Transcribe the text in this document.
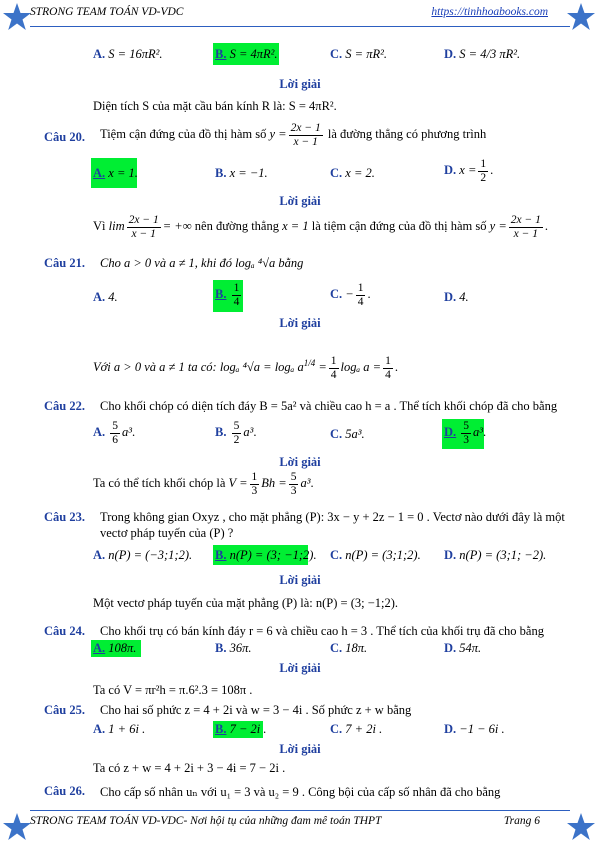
STRONG TEAM TOÁN VD-VDC	https://tinhhoabooks.com
A. S = 16πR².	B. S = 4πR².	C. S = πR².	D. S = 4/3 πR².
Lời giải
Diện tích S của mặt cầu bán kính R là: S = 4πR².
Câu 20. Tiệm cận đứng của đồ thị hàm số $y = \frac{2x - 1}{x - 1}$ là đường thẳng có phương trình
A. x = 1.	B. x = −1.	C. x = 2.	D. $x = \frac{1}{2}$ .
Lời giải
Vì $\lim \frac{2x - 1}{x - 1}$ = +∞ nên đường thẳng x = 1 là tiệm cận đứng của đồ thị hàm số $y = \frac{2x - 1}{x - 1}$ .
Câu 21. Cho a > 0 và a ≠ 1, khi đó logₐ ⁴√a bằng
A. 4.	B. $\frac{1}{4}$	C. − $\frac{1}{4}$ .	D. 4.
Lời giải
Với a > 0 và a ≠ 1 ta có: logₐ ⁴√a = logₐ $a^{1/4} = \frac{1}{4}$ logₐ $a = \frac{1}{4}$ .
Câu 22. Cho khối chóp có diện tích đáy B = 5a² và chiều cao h = a . Thể tích khối chóp đã cho bằng
A. $\frac{5}{6} a^3$.	B. $\frac{5}{2} a^3$.	C. 5a³.	D. $\frac{5}{3} a^3$.
Lời giải
Ta có thể tích khối chóp là $V = \frac{1}{3}$ $Bh = \frac{5}{3} a^3$.
Câu 23. Trong không gian Oxyz , cho mặt phẳng (P): 3x − y + 2z − 1 = 0 . Vectơ nào dưới đây là một
vectơ pháp tuyến của (P) ?
A. n(P) = (−3;1;2). B. n(P) = (3; −1;2). C. n(P) = (3;1;2). D. n(P) = (3;1; −2).
Lời giải
Một vectơ pháp tuyến của mặt phẳng (P) là: n(P) = (3; −1;2).
Câu 24. Cho khối trụ có bán kính đáy r = 6 và chiều cao h = 3 . Thể tích của khối trụ đã cho bằng
A. 108π.	B. 36π.	C. 18π.	D. 54π.
Lời giải
Ta có V = πr²h = π.6².3 = 108π .
Câu 25. Cho hai số phức z = 4 + 2i và w = 3 − 4i . Số phức z + w bằng
A. 1 + 6i .	B. 7 − 2i .	C. 7 + 2i .	D. −1 − 6i .
Lời giải
Ta có z + w = 4 + 2i + 3 − 4i = 7 − 2i .
Câu 26. Cho cấp số nhân uₙ với u₁ = 3 và u₂ = 9 . Công bội của cấp số nhân đã cho bằng
STRONG TEAM TOÁN VD-VDC- Nơi hội tụ của những đam mê toán THPT	Trang 6
